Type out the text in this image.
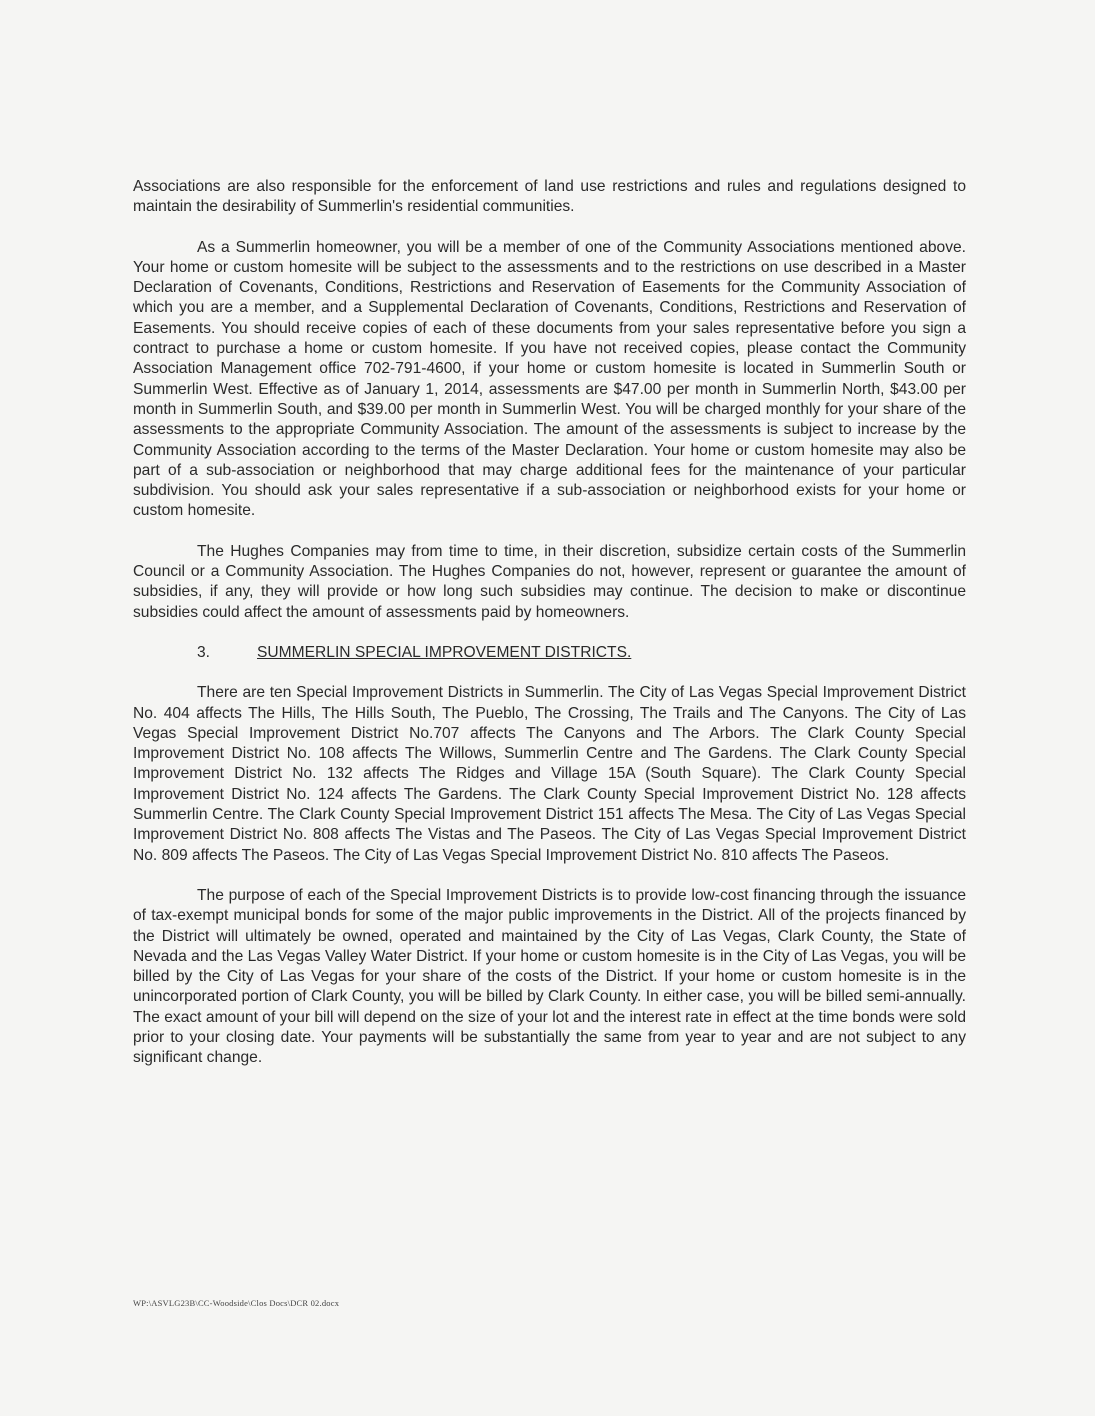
Associations are also responsible for the enforcement of land use restrictions and rules and regulations designed to maintain the desirability of Summerlin's residential communities.

As a Summerlin homeowner, you will be a member of one of the Community Associations mentioned above. Your home or custom homesite will be subject to the assessments and to the restrictions on use described in a Master Declaration of Covenants, Conditions, Restrictions and Reservation of Easements for the Community Association of which you are a member, and a Supplemental Declaration of Covenants, Conditions, Restrictions and Reservation of Easements. You should receive copies of each of these documents from your sales representative before you sign a contract to purchase a home or custom homesite. If you have not received copies, please contact the Community Association Management office 702-791-4600, if your home or custom homesite is located in Summerlin South or Summerlin West. Effective as of January 1, 2014, assessments are $47.00 per month in Summerlin North, $43.00 per month in Summerlin South, and $39.00 per month in Summerlin West. You will be charged monthly for your share of the assessments to the appropriate Community Association. The amount of the assessments is subject to increase by the Community Association according to the terms of the Master Declaration. Your home or custom homesite may also be part of a sub-association or neighborhood that may charge additional fees for the maintenance of your particular subdivision. You should ask your sales representative if a sub-association or neighborhood exists for your home or custom homesite.

The Hughes Companies may from time to time, in their discretion, subsidize certain costs of the Summerlin Council or a Community Association. The Hughes Companies do not, however, represent or guarantee the amount of subsidies, if any, they will provide or how long such subsidies may continue. The decision to make or discontinue subsidies could affect the amount of assessments paid by homeowners.

3.	SUMMERLIN SPECIAL IMPROVEMENT DISTRICTS.

There are ten Special Improvement Districts in Summerlin. The City of Las Vegas Special Improvement District No. 404 affects The Hills, The Hills South, The Pueblo, The Crossing, The Trails and The Canyons. The City of Las Vegas Special Improvement District No.707 affects The Canyons and The Arbors. The Clark County Special Improvement District No. 108 affects The Willows, Summerlin Centre and The Gardens. The Clark County Special Improvement District No. 132 affects The Ridges and Village 15A (South Square). The Clark County Special Improvement District No. 124 affects The Gardens. The Clark County Special Improvement District No. 128 affects Summerlin Centre. The Clark County Special Improvement District 151 affects The Mesa. The City of Las Vegas Special Improvement District No. 808 affects The Vistas and The Paseos. The City of Las Vegas Special Improvement District No. 809 affects The Paseos. The City of Las Vegas Special Improvement District No. 810 affects The Paseos.

The purpose of each of the Special Improvement Districts is to provide low-cost financing through the issuance of tax-exempt municipal bonds for some of the major public improvements in the District. All of the projects financed by the District will ultimately be owned, operated and maintained by the City of Las Vegas, Clark County, the State of Nevada and the Las Vegas Valley Water District. If your home or custom homesite is in the City of Las Vegas, you will be billed by the City of Las Vegas for your share of the costs of the District. If your home or custom homesite is in the unincorporated portion of Clark County, you will be billed by Clark County. In either case, you will be billed semi-annually. The exact amount of your bill will depend on the size of your lot and the interest rate in effect at the time bonds were sold prior to your closing date. Your payments will be substantially the same from year to year and are not subject to any significant change.

WP:\ASVLG23B\CC-Woodside\Clos Docs\DCR 02.docx
